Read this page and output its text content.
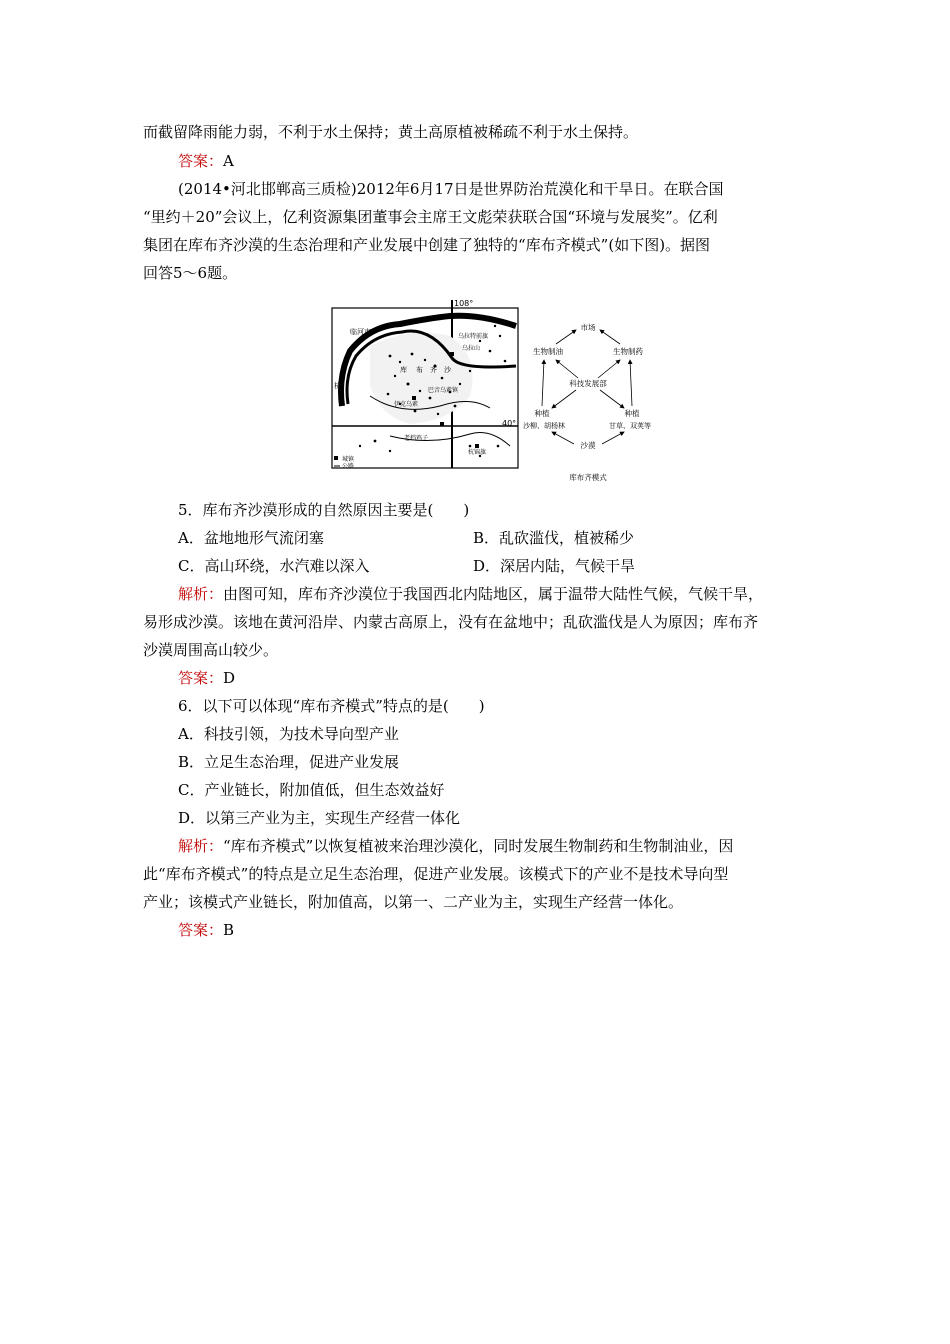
而截留降雨能力弱，不利于水土保持；黄土高原植被稀疏不利于水土保持。
答案：A
(2014•河北邯郸高三质检)2012年6月17日是世界防治荒漠化和干旱日。在联合国
“里约＋20”会议上，亿利资源集团董事会主席王文彪荣获联合国“环境与发展奖”。亿利
集团在库布齐沙漠的生态治理和产业发展中创建了独特的“库布齐模式”(如下图)。据图
回答5～6题。
108°
40°
临河市
乌拉特前旗
乌拉山
库 布 齐 沙
巴音乌素镇
杭
伊克乌素
老档鸡子
杭锦旗
城镇
公路
市场
生物制油	生物制药
科技发展部
种植
沙柳、胡杨林
种植
甘草、双荚等
沙漠
库布齐模式
5．库布齐沙漠形成的自然原因主要是(　　)
A．盆地地形气流闭塞	B．乱砍滥伐，植被稀少
C．高山环绕，水汽难以深入	D．深居内陆，气候干旱
解析：由图可知，库布齐沙漠位于我国西北内陆地区，属于温带大陆性气候，气候干旱，
易形成沙漠。该地在黄河沿岸、内蒙古高原上，没有在盆地中；乱砍滥伐是人为原因；库布齐
沙漠周围高山较少。
答案：D
6．以下可以体现“库布齐模式”特点的是(　　)
A．科技引领，为技术导向型产业
B．立足生态治理，促进产业发展
C．产业链长，附加值低，但生态效益好
D．以第三产业为主，实现生产经营一体化
解析：“库布齐模式”以恢复植被来治理沙漠化，同时发展生物制药和生物制油业，因
此“库布齐模式”的特点是立足生态治理，促进产业发展。该模式下的产业不是技术导向型
产业；该模式产业链长，附加值高，以第一、二产业为主，实现生产经营一体化。
答案：B
